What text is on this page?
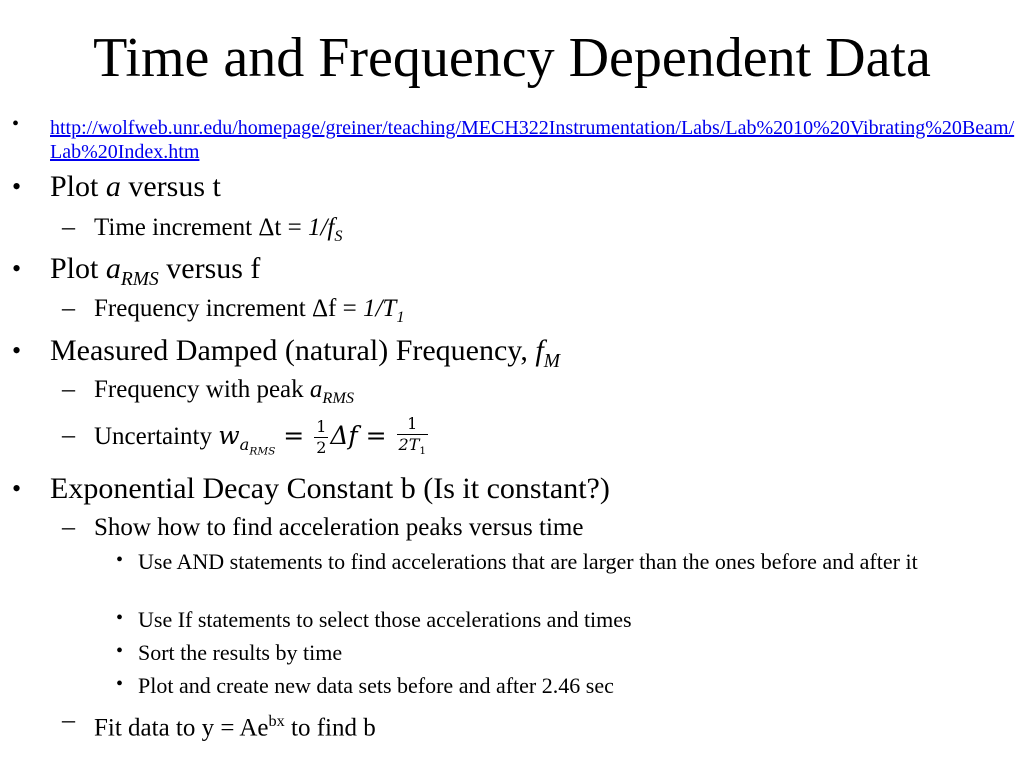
Time and Frequency Dependent Data
• http://wolfweb.unr.edu/homepage/greiner/teaching/MECH322Instrumentation/Labs/Lab%2010%20Vibrating%20Beam/Lab%20Index.htm
• Plot a versus t
– Time increment $\Delta t = 1/f_S$
• Plot $a_{RMS}$ versus f
– Frequency increment $\Delta f = 1/T_1$
• Measured Damped (natural) Frequency, $f_M$
– Frequency with peak $a_{RMS}$
– Uncertainty $w_{a_{RMS}} = \frac{1}{2}$ $\Delta f = \frac{1}{2T_1}$
• Exponential Decay Constant b (Is it constant?)
– Show how to find acceleration peaks versus time
• Use AND statements to find accelerations that are larger than the ones before and after it
• Use If statements to select those accelerations and times
• Sort the results by time
• Plot and create new data sets before and after 2.46 sec
– Fit data to $y = Ae^{bx}$ to find b
